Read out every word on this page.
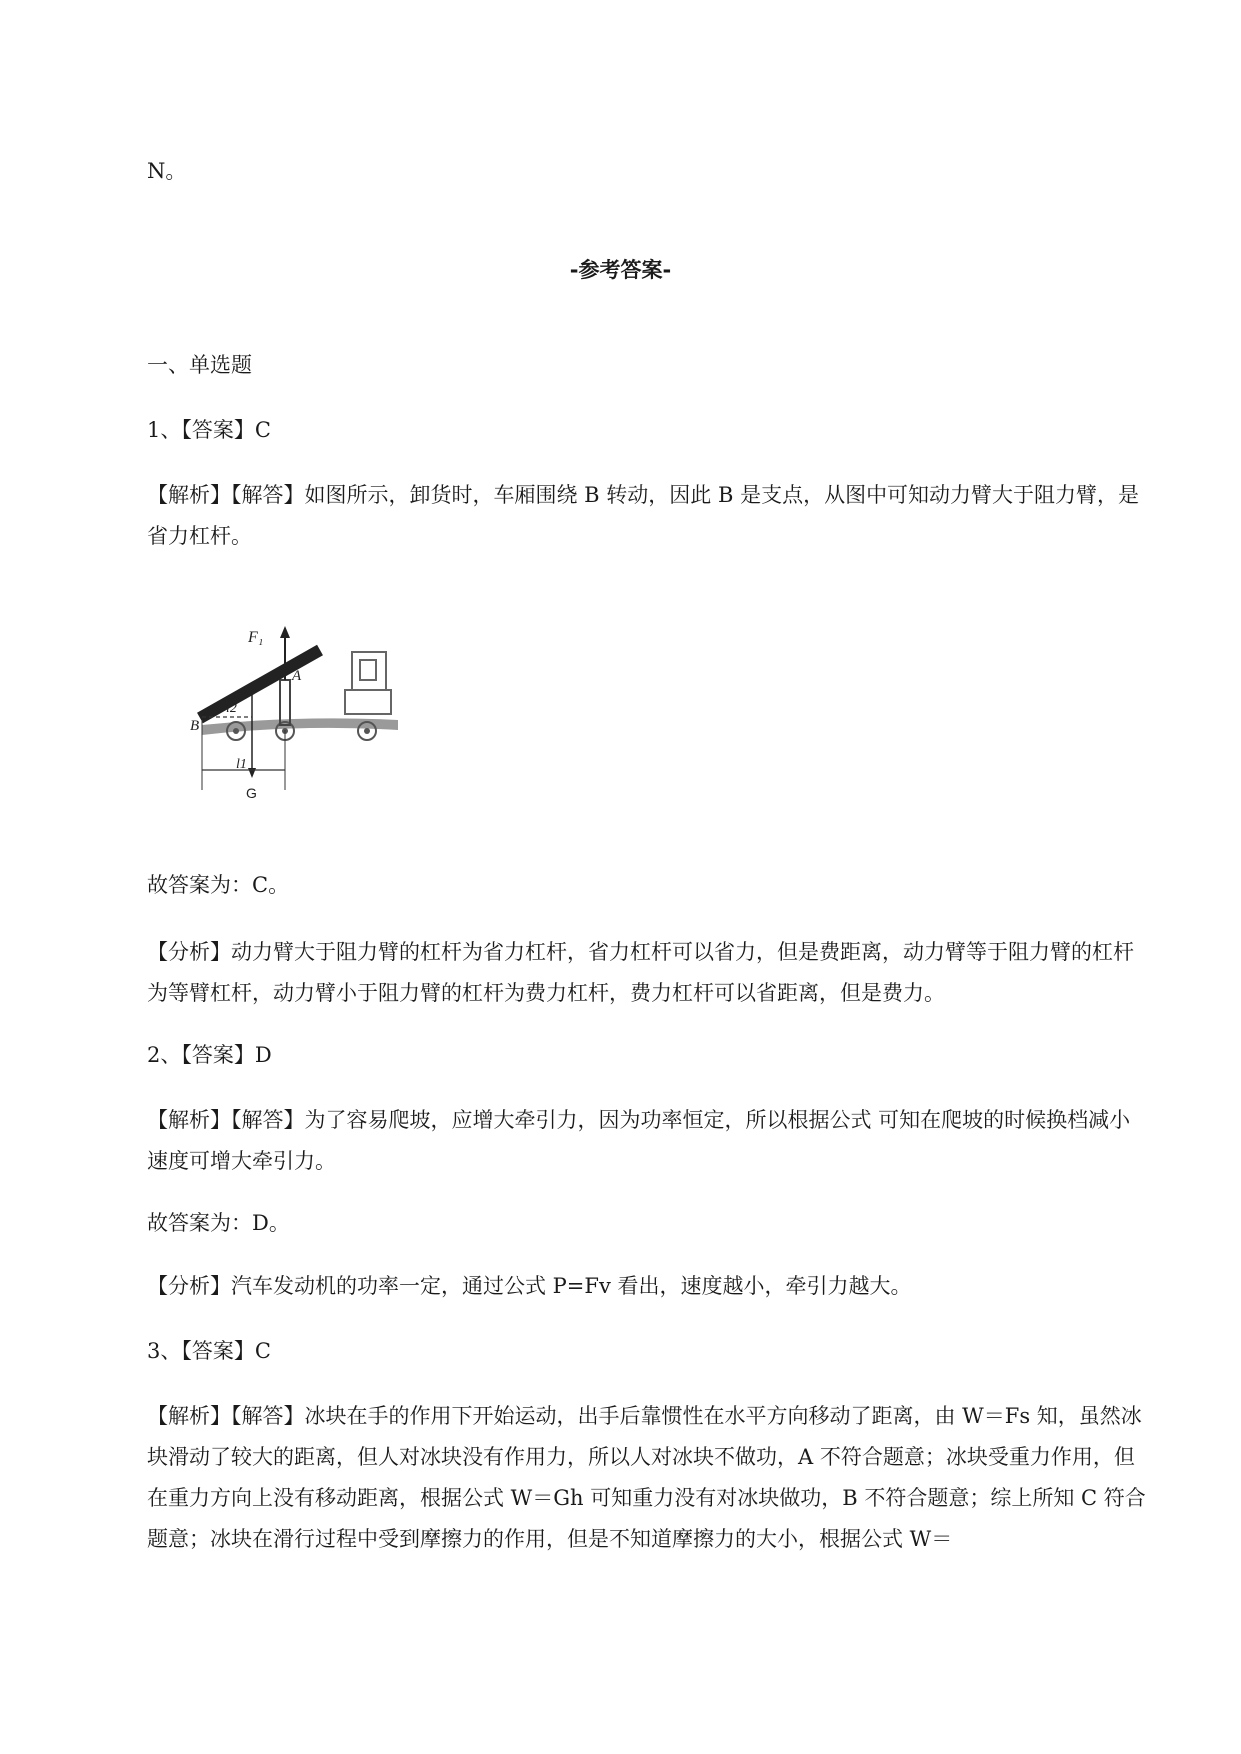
N。
-参考答案-
一、单选题
1、【答案】C
【解析】【解答】如图所示，卸货时，车厢围绕 B 转动，因此 B 是支点，从图中可知动力臂大于阻力臂，是省力杠杆。
F₁
A
B
l2
l1
G
故答案为：C。
【分析】动力臂大于阻力臂的杠杆为省力杠杆，省力杠杆可以省力，但是费距离，动力臂等于阻力臂的杠杆为等臂杠杆，动力臂小于阻力臂的杠杆为费力杠杆，费力杠杆可以省距离，但是费力。
2、【答案】D
【解析】【解答】为了容易爬坡，应增大牵引力，因为功率恒定，所以根据公式 可知在爬坡的时候换档减小速度可增大牵引力。
故答案为：D。
【分析】汽车发动机的功率一定，通过公式 P=Fv 看出，速度越小，牵引力越大。
3、【答案】C
【解析】【解答】冰块在手的作用下开始运动，出手后靠惯性在水平方向移动了距离，由 W＝Fs 知，虽然冰块滑动了较大的距离，但人对冰块没有作用力，所以人对冰块不做功，A 不符合题意；冰块受重力作用，但在重力方向上没有移动距离，根据公式 W＝Gh 可知重力没有对冰块做功，B 不符合题意；综上所知 C 符合题意；冰块在滑行过程中受到摩擦力的作用，但是不知道摩擦力的大小，根据公式 W＝
